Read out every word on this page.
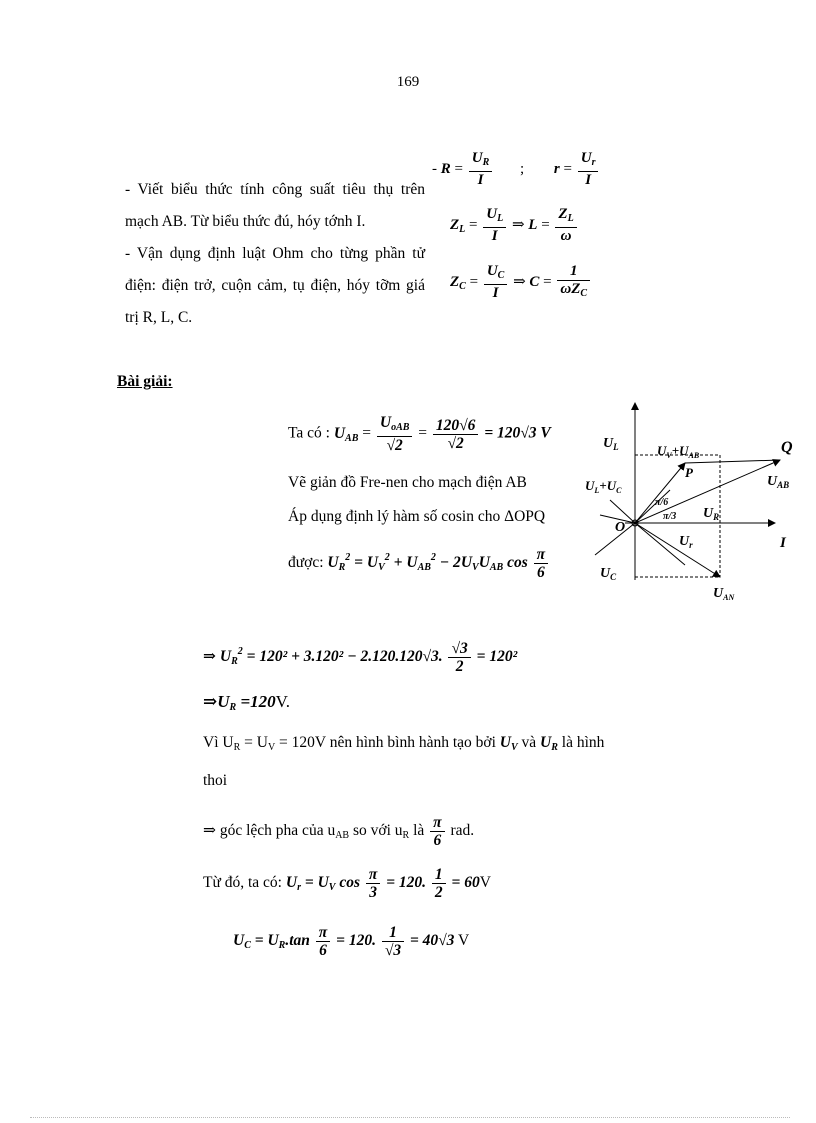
169

- Viết biểu thức tính công suất tiêu thụ trên mạch AB. Từ biểu thức đú, hóy tớnh I.

- Vận dụng định luật Ohm cho từng phần tử điện: điện trở, cuộn cảm, tụ điện, hóy tỡm giá trị R, L, C.

- $R = \frac{U_R}{I}$ ; $r = \frac{U_r}{I}$
$Z_L = \frac{U_L}{I}$ ⇒ $L = \frac{Z_L}{\omega}$
$Z_C = \frac{U_C}{I}$ ⇒ $C = \frac{1}{\omega Z_C}$
Bài giải:
Ta có : $U_{AB} = \frac{U_{oAB}}{√2} = \frac{120√6}{√2} = 120√3$ V
Vẽ giản đồ Fre-nen cho mạch điện AB
Áp dụng định lý hàm số cosin cho ΔOPQ
được: $U_R^2 = U_V^2 + U_{AB}^2 - 2U_VU_{AB}$ $\cos \frac{\pi}{6}$
$U_L$	$U_V+U_{AB}$
P
Q
$U_{AB}$
$U_L+U_C$
π/6
π/3 $U_R$
O
$U_r$	I
$U_C$
$U_{AN}$
⇒ $U_R^2 = 120^2 + 3.120^2 - 2.120.120√3$. $\frac{√3}{2} = 120^2$
$\Rightarrow U_R =120V$.
Vì $U_R = U_V = 120V$ nên hình bình hành tạo bởi $U_V$ và $U_R$ là hình
thoi
⇒ góc lệch pha của $u_{AB}$ so với $u_R$ là $\frac{\pi}{6}$ rad.
Từ đó, ta có: $U_r = U_V$ $\cos \frac{\pi}{3} = 120$. $\frac{1}{2} = 60V$
$U_C = U_R.\tan \frac{\pi}{6} = 120$. $\frac{1}{√3} = 40√3$ V
